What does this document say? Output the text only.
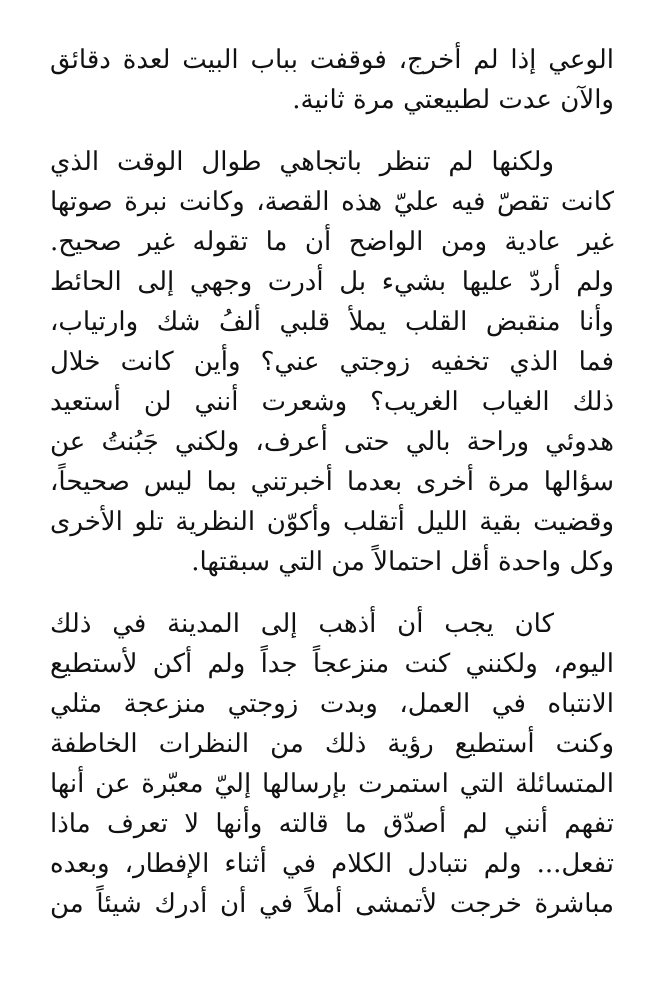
الوعي إذا لم أخرج، فوقفت بباب البيت لعدة دقائق
والآن عدت لطبيعتي مرة ثانية.
ولكنها لم تنظر باتجاهي طوال الوقت الذي
كانت تقصّ فيه عليّ هذه القصة، وكانت نبرة صوتها
غير عادية ومن الواضح أن ما تقوله غير صحيح.
ولم أردّ عليها بشيء بل أدرت وجهي إلى الحائط
وأنا منقبض القلب يملأ قلبي ألفُ شك وارتياب،
فما الذي تخفيه زوجتي عني؟ وأين كانت خلال
ذلك الغياب الغريب؟ وشعرت أنني لن أستعيد
هدوئي وراحة بالي حتى أعرف، ولكني جَبُنتُ عن
سؤالها مرة أخرى بعدما أخبرتني بما ليس صحيحاً،
وقضيت بقية الليل أتقلب وأكوّن النظرية تلو الأخرى
وكل واحدة أقل احتمالاً من التي سبقتها.
كان يجب أن أذهب إلى المدينة في ذلك
اليوم، ولكنني كنت منزعجاً جداً ولم أكن لأستطيع
الانتباه في العمل، وبدت زوجتي منزعجة مثلي
وكنت أستطيع رؤية ذلك من النظرات الخاطفة
المتسائلة التي استمرت بإرسالها إليّ معبّرة عن أنها
تفهم أنني لم أصدّق ما قالته وأنها لا تعرف ماذا
تفعل... ولم نتبادل الكلام في أثناء الإفطار، وبعده
مباشرة خرجت لأتمشى أملاً في أن أدرك شيئاً من
